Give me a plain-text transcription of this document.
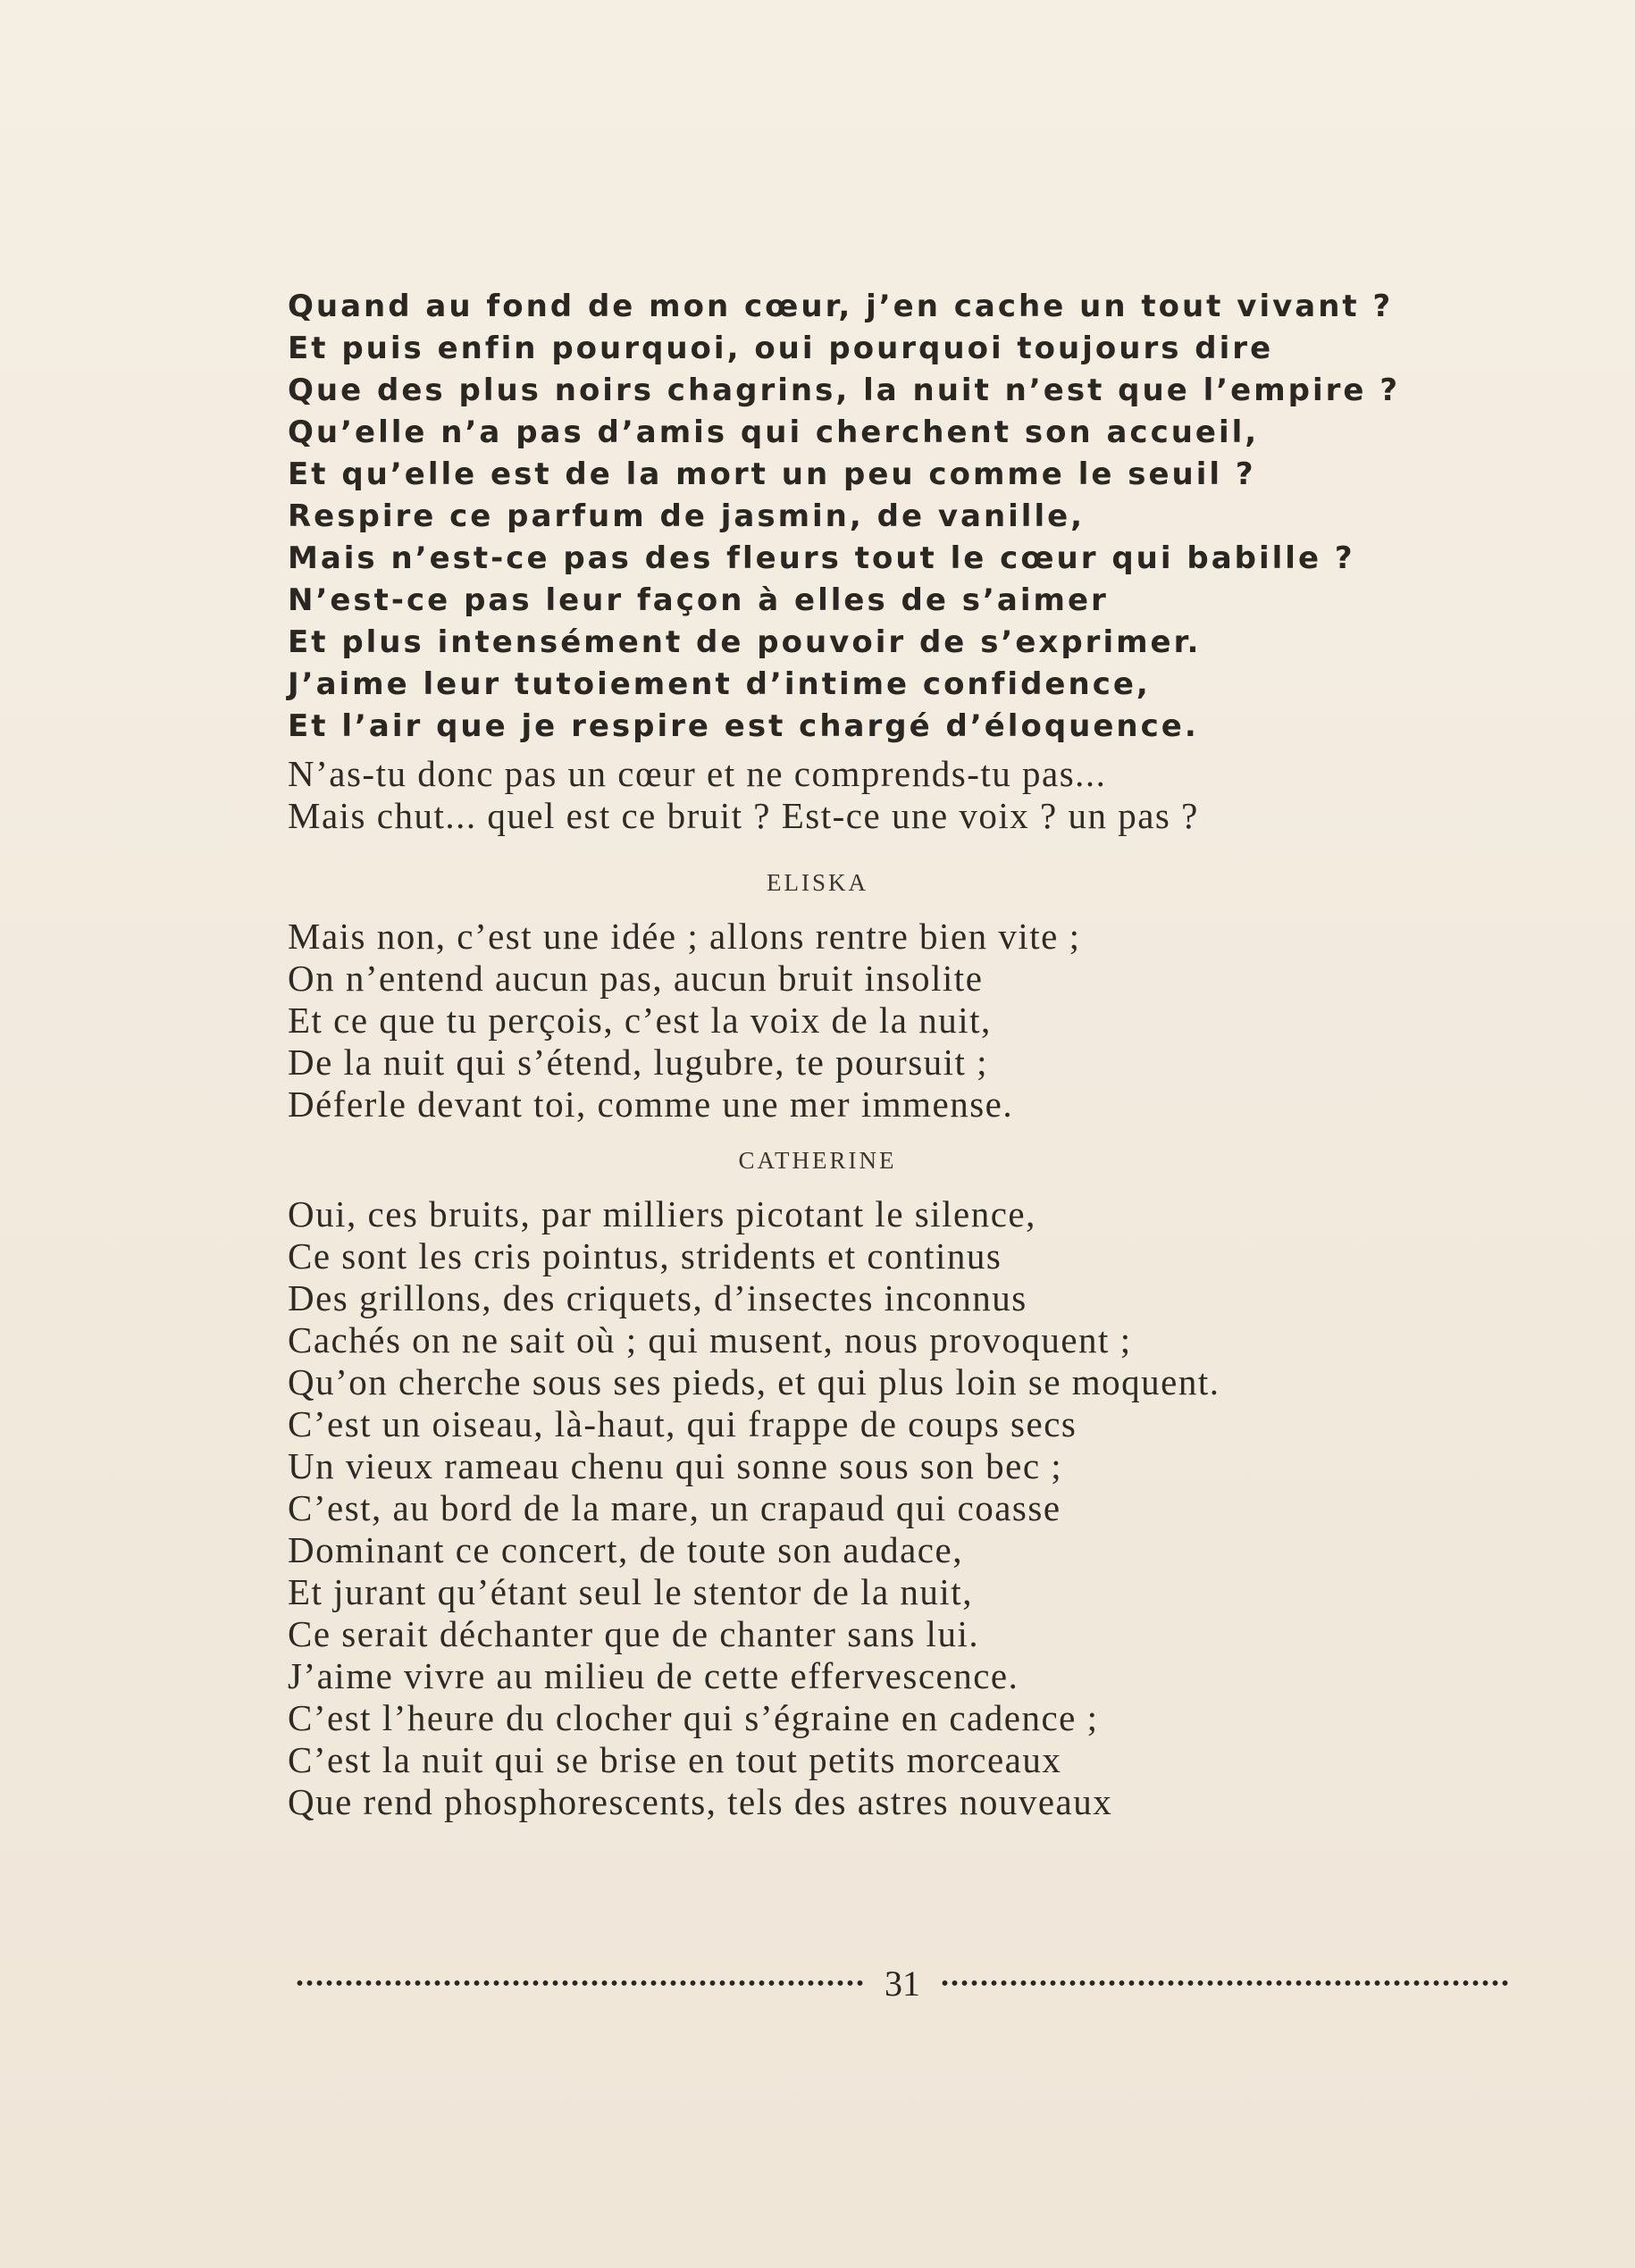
Quand au fond de mon cœur, j’en cache un tout vivant ?
Et puis enfin pourquoi, oui pourquoi toujours dire
Que des plus noirs chagrins, la nuit n’est que l’empire ?
Qu’elle n’a pas d’amis qui cherchent son accueil,
Et qu’elle est de la mort un peu comme le seuil ?
Respire ce parfum de jasmin, de vanille,
Mais n’est-ce pas des fleurs tout le cœur qui babille ?
N’est-ce pas leur façon à elles de s’aimer
Et plus intensément de pouvoir de s’exprimer.
J’aime leur tutoiement d’intime confidence,
Et l’air que je respire est chargé d’éloquence.
N’as-tu donc pas un cœur et ne comprends-tu pas...
Mais chut... quel est ce bruit ? Est-ce une voix ? un pas ?
ELISKA
Mais non, c’est une idée ; allons rentre bien vite ;
On n’entend aucun pas, aucun bruit insolite
Et ce que tu perçois, c’est la voix de la nuit,
De la nuit qui s’étend, lugubre, te poursuit ;
Déferle devant toi, comme une mer immense.
CATHERINE
Oui, ces bruits, par milliers picotant le silence,
Ce sont les cris pointus, stridents et continus
Des grillons, des criquets, d’insectes inconnus
Cachés on ne sait où ; qui musent, nous provoquent ;
Qu’on cherche sous ses pieds, et qui plus loin se moquent.
C’est un oiseau, là-haut, qui frappe de coups secs
Un vieux rameau chenu qui sonne sous son bec ;
C’est, au bord de la mare, un crapaud qui coasse
Dominant ce concert, de toute son audace,
Et jurant qu’étant seul le stentor de la nuit,
Ce serait déchanter que de chanter sans lui.
J’aime vivre au milieu de cette effervescence.
C’est l’heure du clocher qui s’égraine en cadence ;
C’est la nuit qui se brise en tout petits morceaux
Que rend phosphorescents, tels des astres nouveaux
31
